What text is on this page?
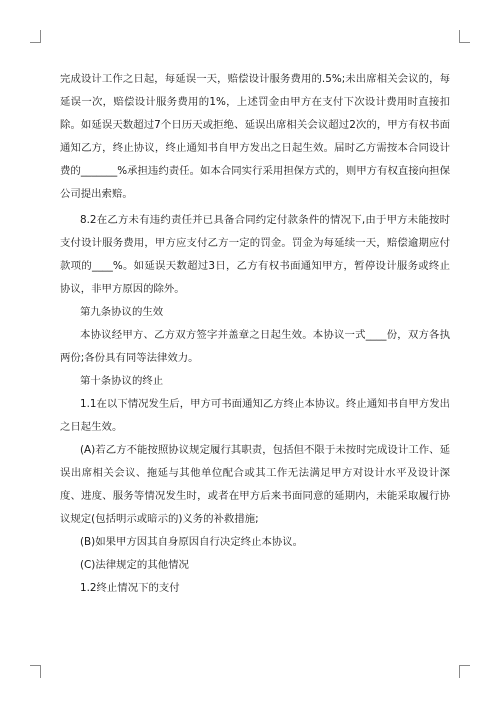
完成设计工作之日起，每延误一天，赔偿设计服务费用的.5%;未出席相关会议的，每延误一次，赔偿设计服务费用的1%，上述罚金由甲方在支付下次设计费用时直接扣除。如延误天数超过7个日历天或拒绝、延误出席相关会议超过2次的，甲方有权书面通知乙方，终止协议，终止通知书自甲方发出之日起生效。届时乙方需按本合同设计费的_______%承担违约责任。如本合同实行采用担保方式的，则甲方有权直接向担保公司提出索赔。

8.2在乙方未有违约责任并已具备合同约定付款条件的情况下,由于甲方未能按时支付设计服务费用，甲方应支付乙方一定的罚金。罚金为每延续一天，赔偿逾期应付款项的____%。如延误天数超过3日，乙方有权书面通知甲方，暂停设计服务或终止协议，非甲方原因的除外。

第九条协议的生效

本协议经甲方、乙方双方签字并盖章之日起生效。本协议一式____份，双方各执两份;各份具有同等法律效力。

第十条协议的终止

1.1在以下情况发生后，甲方可书面通知乙方终止本协议。终止通知书自甲方发出之日起生效。

(A)若乙方不能按照协议规定履行其职责，包括但不限于未按时完成设计工作、延误出席相关会议、拖延与其他单位配合或其工作无法满足甲方对设计水平及设计深度、进度、服务等情况发生时，或者在甲方后来书面同意的延期内，未能采取履行协议规定(包括明示或暗示的)义务的补救措施;

(B)如果甲方因其自身原因自行决定终止本协议。

(C)法律规定的其他情况

1.2终止情况下的支付
